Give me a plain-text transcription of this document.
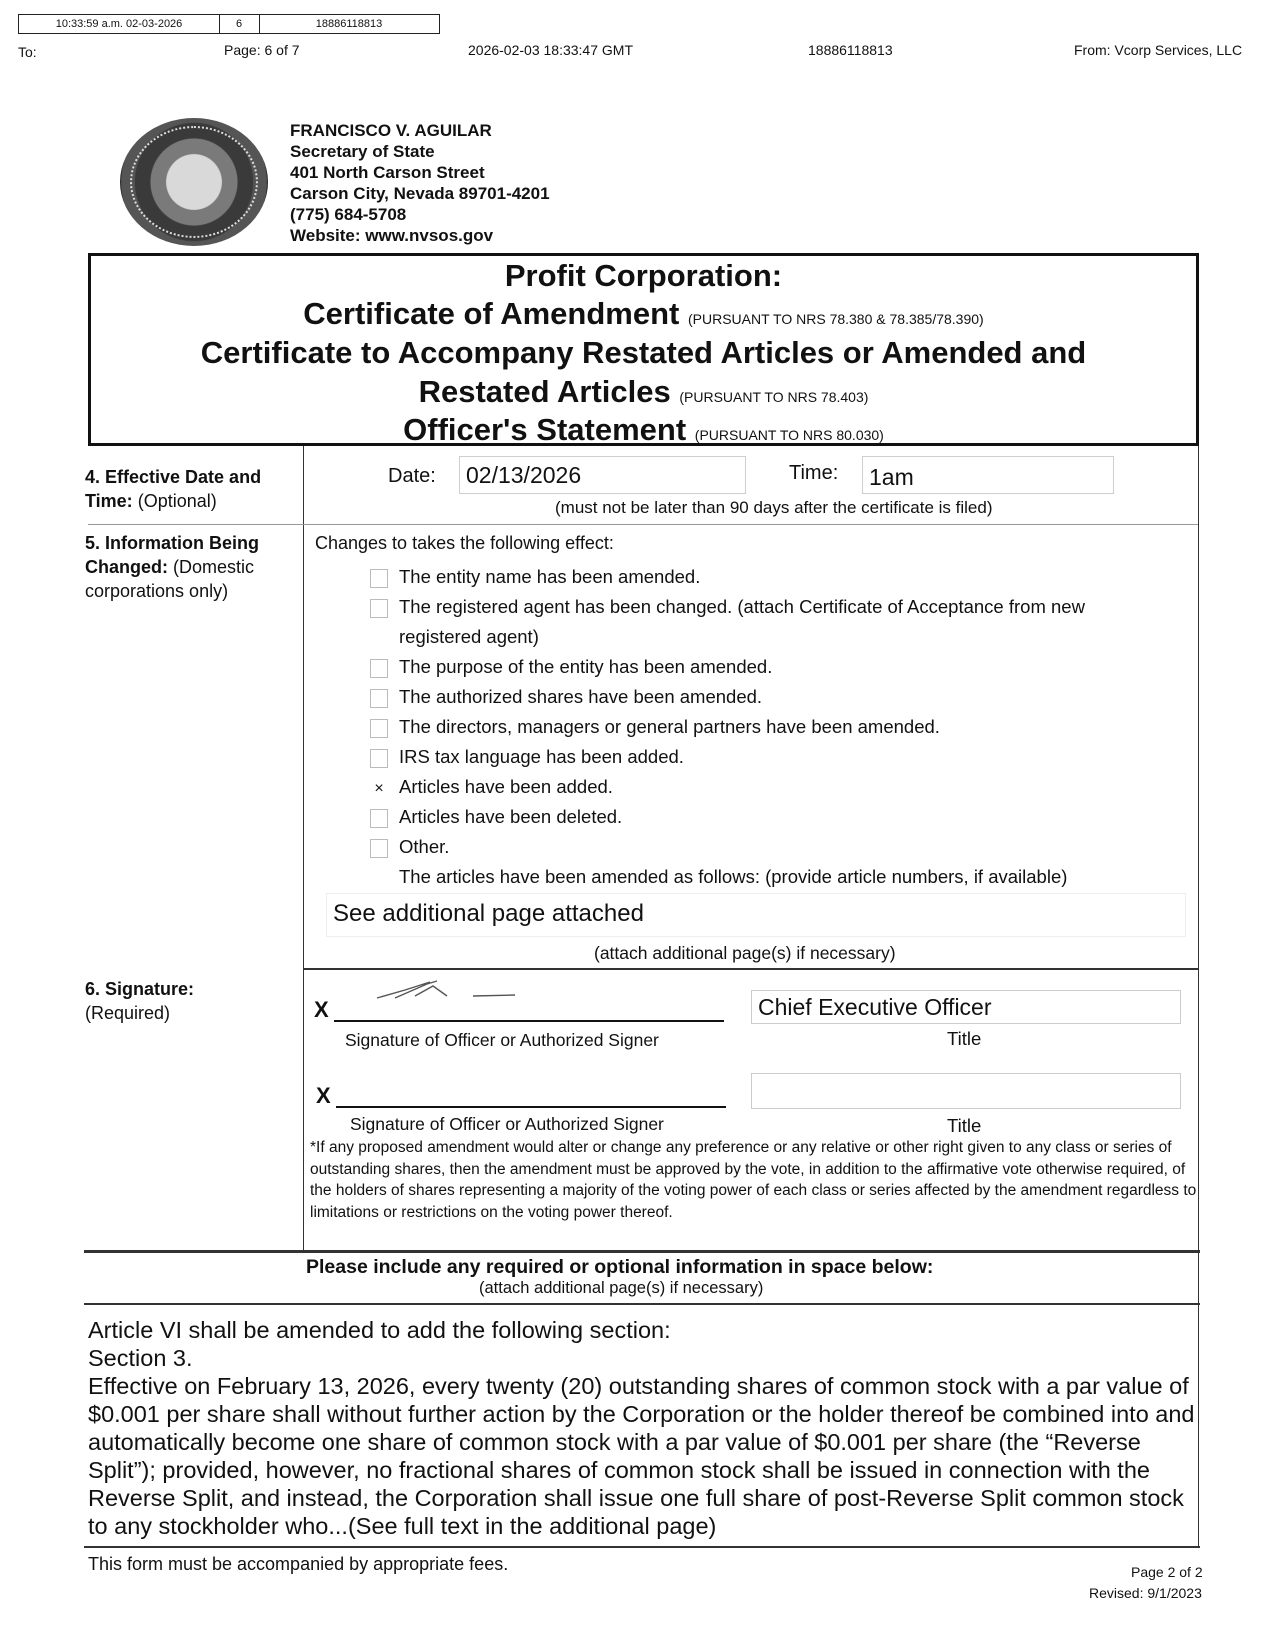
10:33:59 a.m. 02-03-2026	6	18886118813
To:	Page: 6 of 7	2026-02-03 18:33:47 GMT	18886118813	From: Vcorp Services, LLC
FRANCISCO V. AGUILAR
Secretary of State
401 North Carson Street
Carson City, Nevada 89701-4201
(775) 684-5708
Website: www.nvsos.gov
Profit Corporation:
Certificate of Amendment (PURSUANT TO NRS 78.380 & 78.385/78.390)
Certificate to Accompany Restated Articles or Amended and
Restated Articles (PURSUANT TO NRS 78.403)
Officer's Statement (PURSUANT TO NRS 80.030)
4. Effective Date and Time: (Optional)
Date:	02/13/2026	Time:	1am
(must not be later than 90 days after the certificate is filed)
5. Information Being Changed: (Domestic corporations only)
Changes to takes the following effect:
The entity name has been amended.
The registered agent has been changed. (attach Certificate of Acceptance from new
registered agent)
The purpose of the entity has been amended.
The authorized shares have been amended.
The directors, managers or general partners have been amended.
IRS tax language has been added.
× Articles have been added.
Articles have been deleted.
Other.
The articles have been amended as follows: (provide article numbers, if available)
See additional page attached
(attach additional page(s) if necessary)
6. Signature:
(Required)	X
Signature of Officer or Authorized Signer
Chief Executive Officer
Title
X
Signature of Officer or Authorized Signer	Title
*If any proposed amendment would alter or change any preference or any relative or other right given to any class or series of outstanding shares, then the amendment must be approved by the vote, in addition to the affirmative vote otherwise required, of the holders of shares representing a majority of the voting power of each class or series affected by the amendment regardless to limitations or restrictions on the voting power thereof.
Please include any required or optional information in space below:
(attach additional page(s) if necessary)
Article VI shall be amended to add the following section:
Section 3.
Effective on February 13, 2026, every twenty (20) outstanding shares of common stock with a par value of $0.001 per share shall without further action by the Corporation or the holder thereof be combined into and automatically become one share of common stock with a par value of $0.001 per share (the “Reverse Split”); provided, however, no fractional shares of common stock shall be issued in connection with the Reverse Split, and instead, the Corporation shall issue one full share of post-Reverse Split common stock to any stockholder who...(See full text in the additional page)
This form must be accompanied by appropriate fees.	Page 2 of 2
Revised: 9/1/2023
